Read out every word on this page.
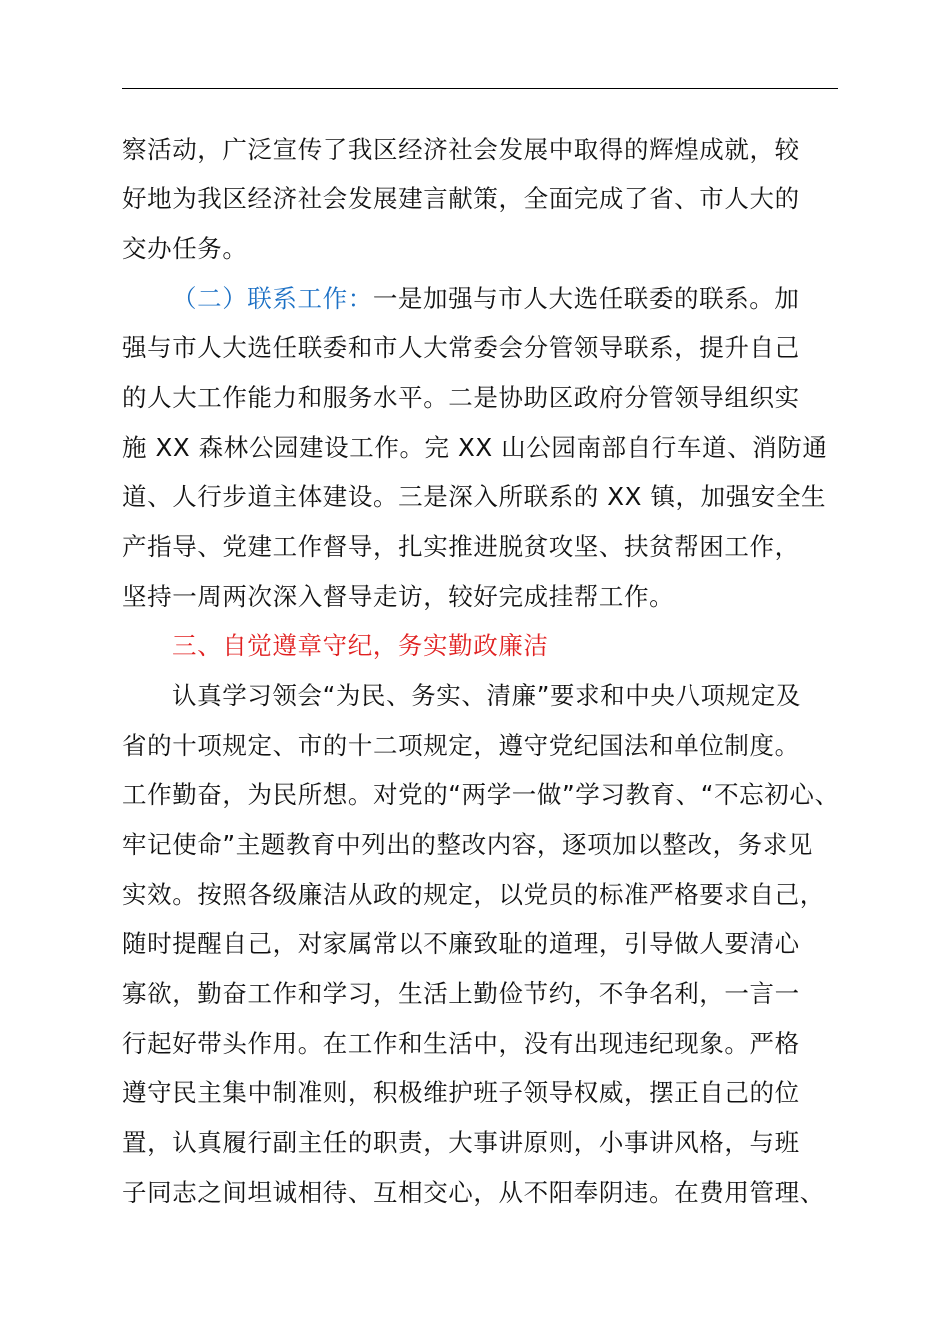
察活动，广泛宣传了我区经济社会发展中取得的辉煌成就，较
好地为我区经济社会发展建言献策，全面完成了省、市人大的
交办任务。
（二）联系工作：一是加强与市人大选任联委的联系。加
强与市人大选任联委和市人大常委会分管领导联系，提升自己
的人大工作能力和服务水平。二是协助区政府分管领导组织实
施 XX 森林公园建设工作。完 XX 山公园南部自行车道、消防通
道、人行步道主体建设。三是深入所联系的 XX 镇，加强安全生
产指导、党建工作督导，扎实推进脱贫攻坚、扶贫帮困工作，
坚持一周两次深入督导走访，较好完成挂帮工作。
三、自觉遵章守纪，务实勤政廉洁
认真学习领会“为民、务实、清廉”要求和中央八项规定及
省的十项规定、市的十二项规定，遵守党纪国法和单位制度。
工作勤奋，为民所想。对党的“两学一做”学习教育、“不忘初心、
牢记使命”主题教育中列出的整改内容，逐项加以整改，务求见
实效。按照各级廉洁从政的规定，以党员的标准严格要求自己，
随时提醒自己，对家属常以不廉致耻的道理，引导做人要清心
寡欲，勤奋工作和学习，生活上勤俭节约，不争名利，一言一
行起好带头作用。在工作和生活中，没有出现违纪现象。严格
遵守民主集中制准则，积极维护班子领导权威，摆正自己的位
置，认真履行副主任的职责，大事讲原则，小事讲风格，与班
子同志之间坦诚相待、互相交心，从不阳奉阴违。在费用管理、
